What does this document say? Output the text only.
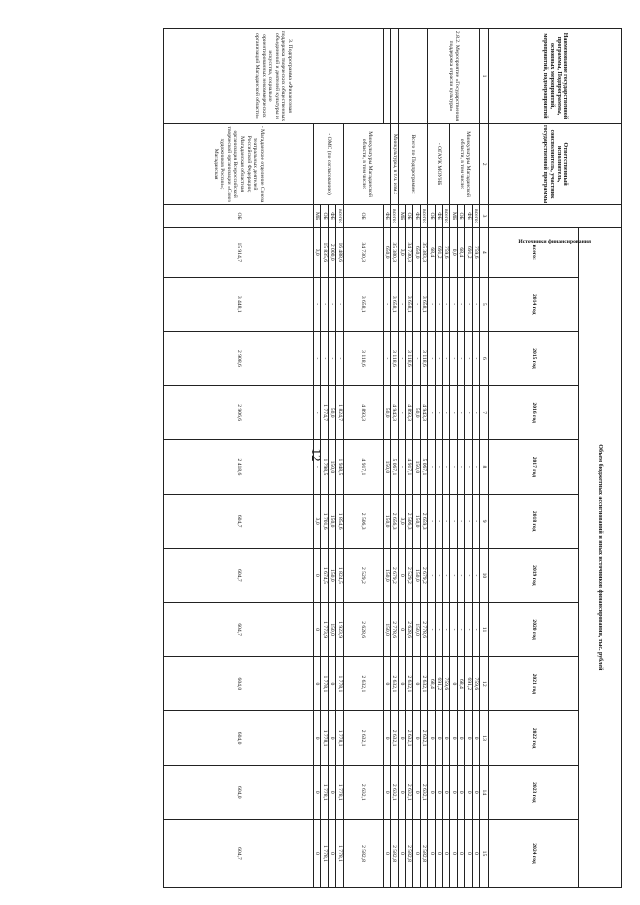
12
Наименование государственной программы, Подпрограммы, основных мероприятий, мероприятий, подмероприятий	Ответственный исполнитель, соисполнитель, участник государственной программы	Источники финансирования	Объем бюджетных ассигнований и иных источников финансирования, тыс. рублей											
			всего:	2014 год	2015 год	2016 год	2017 год	2018 год	2019 год	2020 год	2021 год	2022 год	2023 год	2024 год
1	2	3	4	5	6	7	8	9	10	11	12	13	14	15
2.8.2. Мероприятие «Государственная поддержка отрасли культура»	Минкультуры Магаданской области, в том числе:	всего:	759,6	-	-	-	-	-	-	-	759,6	0	0	0
		ФБ	691,2	-	-	-	-	-	-	-	691,2	0	0	0
		ОБ	68,4	-	-	-	-	-	-	-	68,4	0	0	0
		МБ	0,0	-	-	-	-	-	-	-	0	0	0	0
	- ОГАУК МОУНБ	всего:	759,6	-	-	-	-	-	-	-	759,6	0	0	0
		ФБ	691,2	-	-	-	-	-	-	-	691,2	0	0	0
		ОБ	68,4	-	-	-	-	-	-	-	68,4	0	0	0
	Всего по Подпрограмме:	всего:	35 383,3	3 658,1	3 118,6	4 943,3	5 067,1	2 659,3	2 679,2	2 778,6	2 632,1	2 632,1	2 632,1	2 582,8
		ФБ	650,0	-	-	50,0	150,0	150,0	150,0	150,0	0	0	0	0
		ОБ	34 730,3	3 658,1	3 118,6	4 893,3	4 917,1	2 506,3	2 529,2	2 628,6	2 632,1	2 632,1	2 632,1	2 582,8
		МБ	3,0	-	-	-	-	3,0	0	0	0	0	0	0
	Минкультуры, в т.ч. изм.:	всего:	35 380,3	3 658,1	3 118,6	4 943,3	5 067,1	2 656,3	2 679,2	2 778,6	2 632,1	2 632,1	2 632,1	2 582,8
	Минкультуры Магаданской области, в том числе:	ФБ	650,0	-	-	50,0	150,0	150,0	150,0	150,0	0	0	0	0
3. Подпрограмма «Финансовая поддержка творческих общественных объединений и деятелей культуры и искусства, социально ориентированных некоммерческих организаций Магаданской области»		ОБ	34 730,3	3 658,1	3 118,6	4 893,3	4 917,1	2 506,3	2 529,2	2 628,6	2 632,1	2 632,1	2 632,1	2 582,8
	- ОМС (по согласованию)	всего:	16 488,6	-	-	1 824,7	1 948,5	1 854,6	1 824,5	1 923,9	1 778,1	1 778,1	1 778,1	1 778,1
		ФБ	2 000,0	-	-	50,0	150,0	150,0	150,0	150,0	0	0	0	0
		ОБ	15 835,6	-	-	1 774,7	1 798,5	1 701,6	1 674,5	1 773,9	1 778,1	1 778,1	1 778,1	1 778,1
		МБ	3,0	-	-	-	-	3,0	0	0	0	0	0	0
	- Магаданское отделение Союза театральных деятелей Российской Федерации; Магаданская областная организация Всероссийской творческой организации «Союз художников России»; Магаданская	ОБ	15 914,7	3 448,1	2 908,6	2 906,6	2 418,6	604,7	604,7	604,7	604,0	604,0	604,0	604,7
